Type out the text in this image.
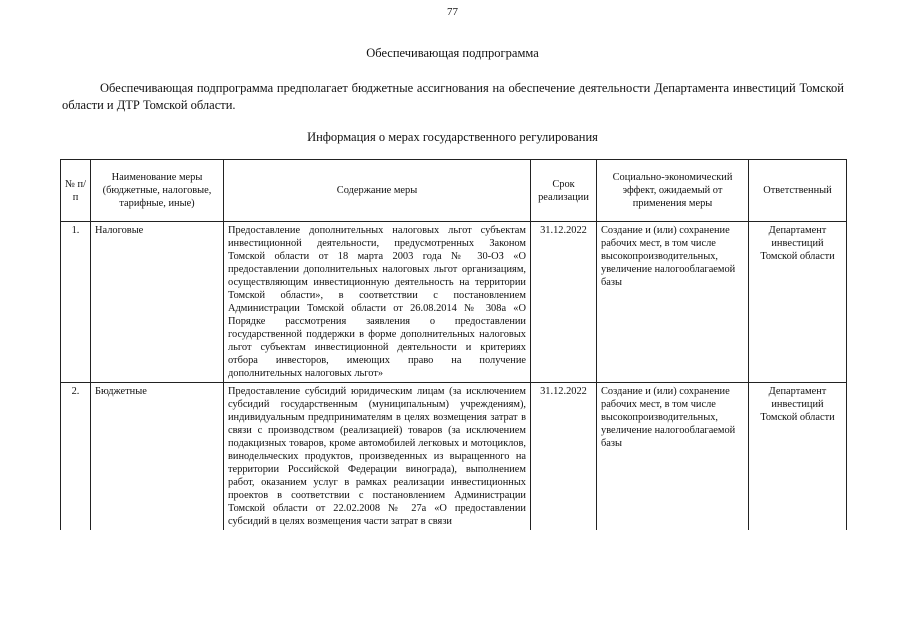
77
Обеспечивающая подпрограмма
Обеспечивающая подпрограмма предполагает бюджетные ассигнования на обеспечение деятельности Департамента инвестиций Томской области и ДТР Томской области.
Информация о мерах государственного регулирования
№ п/п	Наименование меры (бюджетные, налоговые, тарифные, иные)	Содержание меры	Срок реализации	Социально-экономический эффект, ожидаемый от применения меры	Ответственный
1.	Налоговые	Предоставление дополнительных налоговых льгот субъектам инвестиционной деятельности, предусмотренных Законом Томской области от 18 марта 2003 года № 30-ОЗ «О предоставлении дополнительных налоговых льгот организациям, осуществляющим инвестиционную деятельность на территории Томской области», в соответствии с постановлением Администрации Томской области от 26.08.2014 № 308а «О Порядке рассмотрения заявления о предоставлении государственной поддержки в форме дополнительных налоговых льгот субъектам инвестиционной деятельности и критериях отбора инвесторов, имеющих право на получение дополнительных налоговых льгот»	31.12.2022	Создание и (или) сохранение рабочих мест, в том числе высокопроизводительных, увеличение налогооблагаемой базы	Департамент инвестиций Томской области
2.	Бюджетные	Предоставление субсидий юридическим лицам (за исключением субсидий государственным (муниципальным) учреждениям), индивидуальным предпринимателям в целях возмещения затрат в связи с производством (реализацией) товаров (за исключением подакцизных товаров, кроме автомобилей легковых и мотоциклов, винодельческих продуктов, произведенных из выращенного на территории Российской Федерации винограда), выполнением работ, оказанием услуг в рамках реализации инвестиционных проектов в соответствии с постановлением Администрации Томской области от 22.02.2008 № 27а «О предоставлении субсидий в целях возмещения части затрат в связи	31.12.2022	Создание и (или) сохранение рабочих мест, в том числе высокопроизводительных, увеличение налогооблагаемой базы	Департамент инвестиций Томской области
